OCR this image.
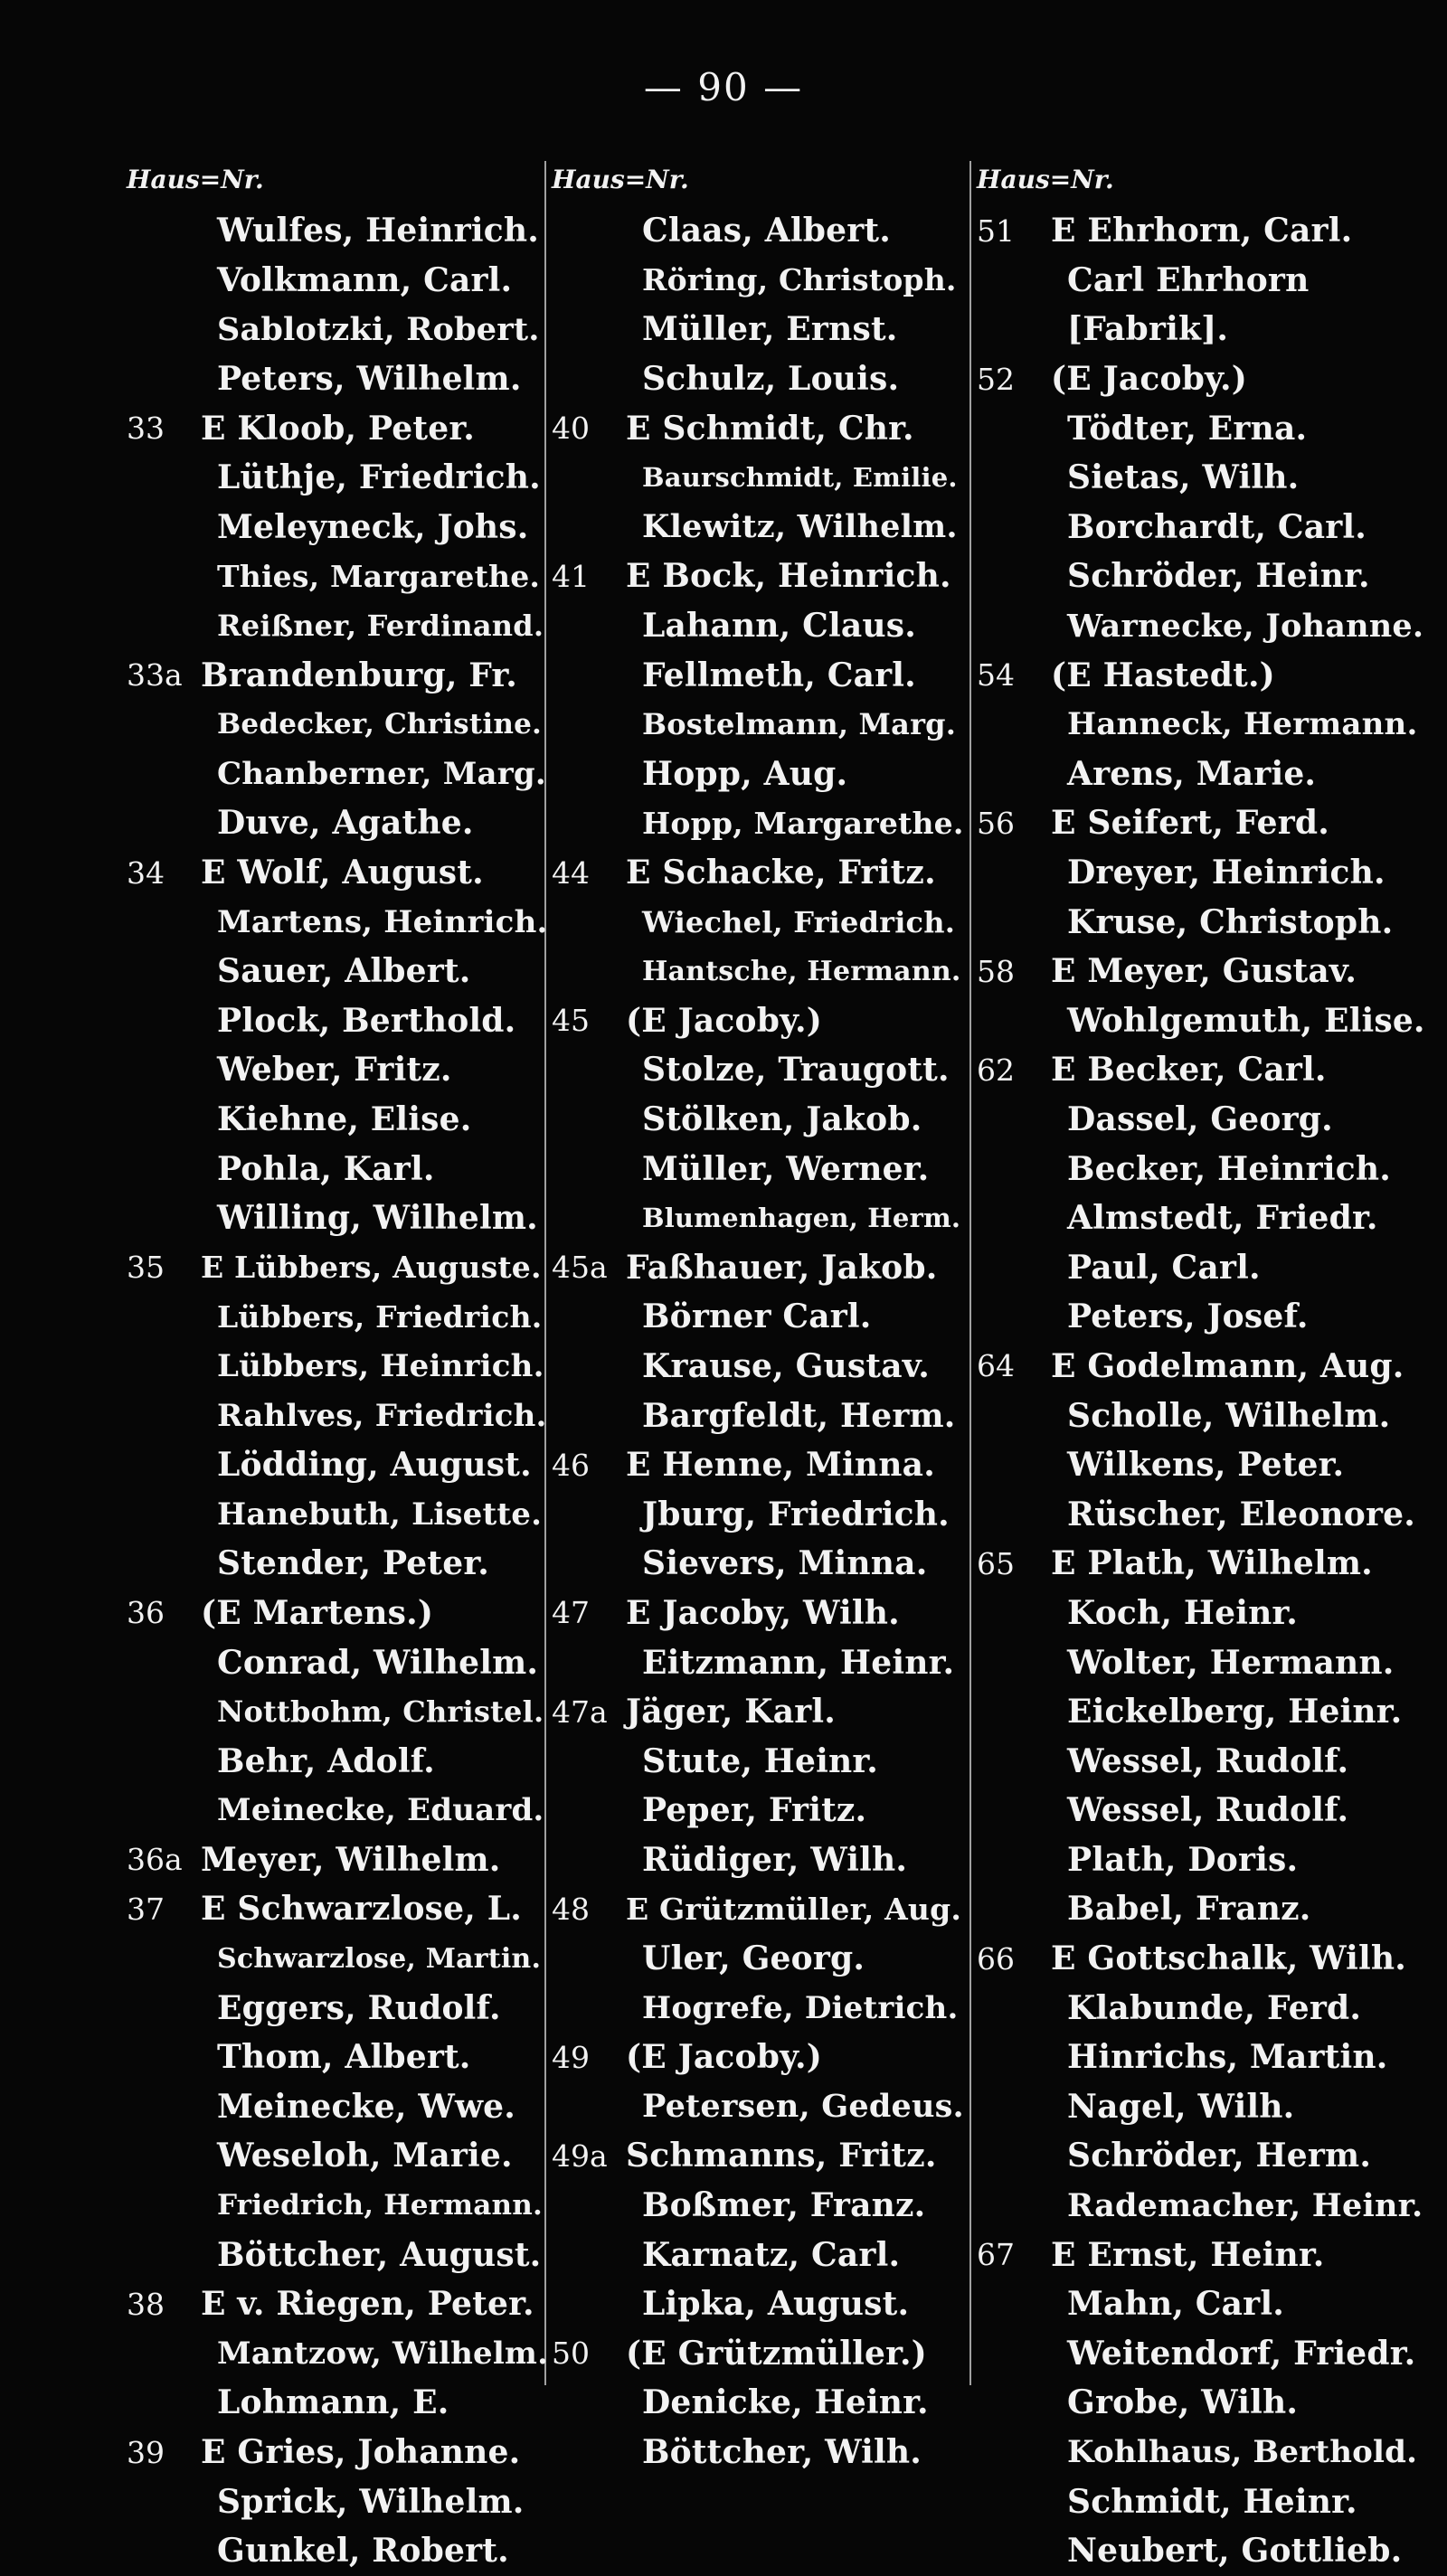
— 90 —
Haus=Nr.
Wulfes, Heinrich.
Volkmann, Carl.
Sablotzki, Robert.
Peters, Wilhelm.
33	E Kloob, Peter.
Lüthje, Friedrich.
Meleyneck, Johs.
Thies, Margarethe.
Reißner, Ferdinand.
33a Brandenburg, Fr.
Bedecker, Christine.
Chanberner, Marg.
Duve, Agathe.
34	E Wolf, August.
Martens, Heinrich.
Sauer, Albert.
Plock, Berthold.
Weber, Fritz.
Kiehne, Elise.
Pohla, Karl.
Willing, Wilhelm.
35	E Lübbers, Auguste.
Lübbers, Friedrich.
Lübbers, Heinrich.
Rahlves, Friedrich.
Lödding, August.
Hanebuth, Lisette.
Stender, Peter.
36	(E Martens.)
Conrad, Wilhelm.
Nottbohm, Christel.
Behr, Adolf.
Meinecke, Eduard.
36a Meyer, Wilhelm.
37	E Schwarzlose, L.
Schwarzlose, Martin.
Eggers, Rudolf.
Thom, Albert.
Meinecke, Wwe.
Weseloh, Marie.
Friedrich, Hermann.
Böttcher, August.
38	E v. Riegen, Peter.
Mantzow, Wilhelm.
Lohmann, E.
39	E Gries, Johanne.
Sprick, Wilhelm.
Gunkel, Robert.
Haus=Nr.
Claas, Albert.
Röring, Christoph.
Müller, Ernst.
Schulz, Louis.
40	E Schmidt, Chr.
Baurschmidt, Emilie.
Klewitz, Wilhelm.
41	E Bock, Heinrich.
Lahann, Claus.
Fellmeth, Carl.
Bostelmann, Marg.
Hopp, Aug.
Hopp, Margarethe.
44	E Schacke, Fritz.
Wiechel, Friedrich.
Hantsche, Hermann.
45	(E Jacoby.)
Stolze, Traugott.
Stölken, Jakob.
Müller, Werner.
Blumenhagen, Herm.
45a Faßhauer, Jakob.
Börner Carl.
Krause, Gustav.
Bargfeldt, Herm.
46	E Henne, Minna.
Jburg, Friedrich.
Sievers, Minna.
47	E Jacoby, Wilh.
Eitzmann, Heinr.
47a Jäger, Karl.
Stute, Heinr.
Peper, Fritz.
Rüdiger, Wilh.
48	E Grützmüller, Aug.
Uler, Georg.
Hogrefe, Dietrich.
49	(E Jacoby.)
Petersen, Gedeus.
49a Schmanns, Fritz.
Boßmer, Franz.
Karnatz, Carl.
Lipka, August.
50	(E Grützmüller.)
Denicke, Heinr.
Böttcher, Wilh.
Haus=Nr.
51	E Ehrhorn, Carl.
Carl Ehrhorn
[Fabrik].
52	(E Jacoby.)
Tödter, Erna.
Sietas, Wilh.
Borchardt, Carl.
Schröder, Heinr.
Warnecke, Johanne.
54	(E Hastedt.)
Hanneck, Hermann.
Arens, Marie.
56	E Seifert, Ferd.
Dreyer, Heinrich.
Kruse, Christoph.
58	E Meyer, Gustav.
Wohlgemuth, Elise.
62	E Becker, Carl.
Dassel, Georg.
Becker, Heinrich.
Almstedt, Friedr.
Paul, Carl.
Peters, Josef.
64	E Godelmann, Aug.
Scholle, Wilhelm.
Wilkens, Peter.
Rüscher, Eleonore.
65	E Plath, Wilhelm.
Koch, Heinr.
Wolter, Hermann.
Eickelberg, Heinr.
Wessel, Rudolf.
Wessel, Rudolf.
Plath, Doris.
Babel, Franz.
66	E Gottschalk, Wilh.
Klabunde, Ferd.
Hinrichs, Martin.
Nagel, Wilh.
Schröder, Herm.
Rademacher, Heinr.
67	E Ernst, Heinr.
Mahn, Carl.
Weitendorf, Friedr.
Grobe, Wilh.
Kohlhaus, Berthold.
Schmidt, Heinr.
Neubert, Gottlieb.
